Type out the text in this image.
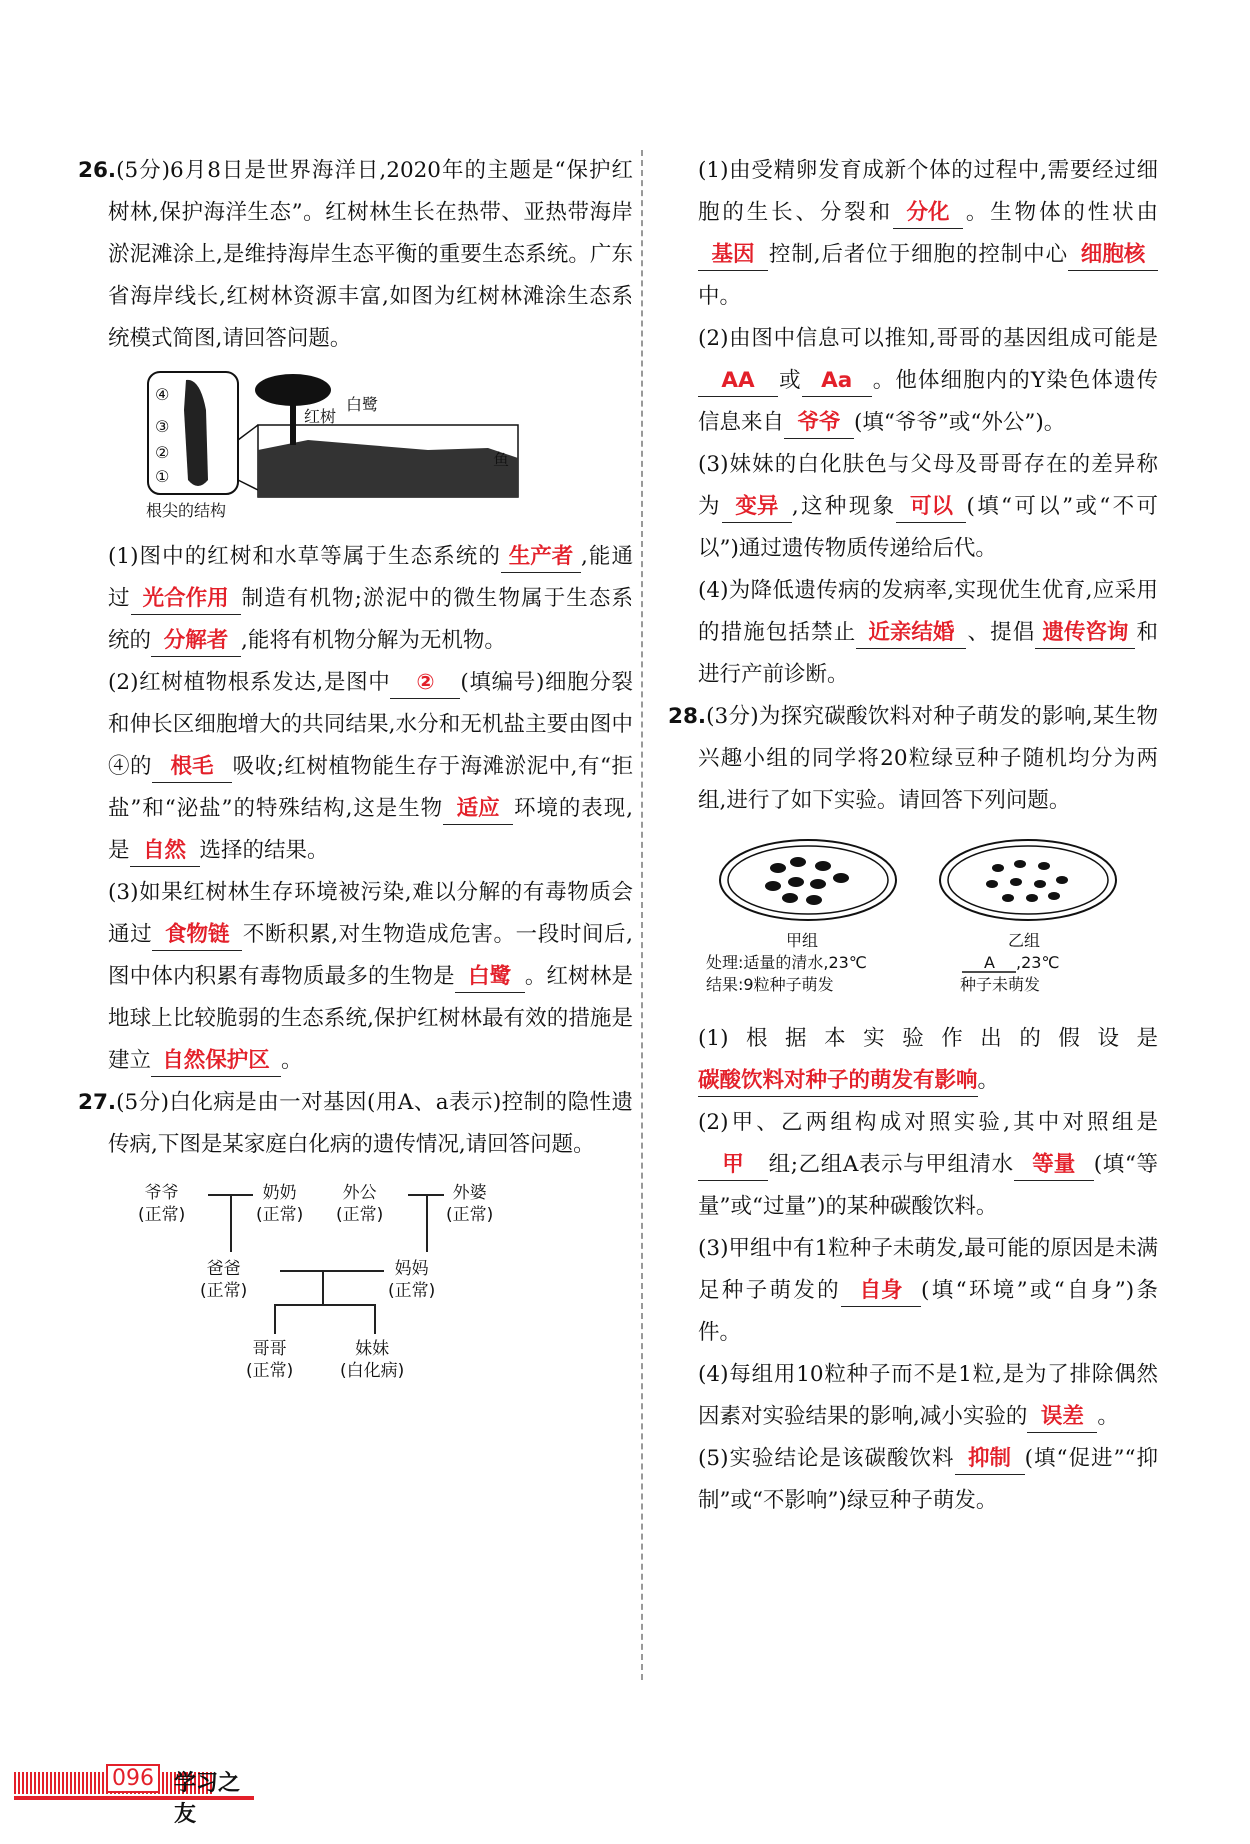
26.(5分)6月8日是世界海洋日,2020年的主题是“保护红树林,保护海洋生态”。红树林生长在热带、亚热带海岸淤泥滩涂上,是维持海岸生态平衡的重要生态系统。广东省海岸线长,红树林资源丰富,如图为红树林滩涂生态系统模式简图,请回答问题。

④
③
②
①
红树
白鹭
鱼
根尖的结构

(1)图中的红树和水草等属于生态系统的 生产者 ,能通过 光合作用 制造有机物;淤泥中的微生物属于生态系统的 分解者 ,能将有机物分解为无机物。

(2)红树植物根系发达,是图中 ② (填编号)细胞分裂和伸长区细胞增大的共同结果,水分和无机盐主要由图中④的 根毛 吸收;红树植物能生存于海滩淤泥中,有“拒盐”和“泌盐”的特殊结构,这是生物 适应 环境的表现,是 自然 选择的结果。

(3)如果红树林生存环境被污染,难以分解的有毒物质会通过 食物链 不断积累,对生物造成危害。一段时间后,图中体内积累有毒物质最多的生物是 白鹭 。红树林是地球上比较脆弱的生态系统,保护红树林最有效的措施是建立 自然保护区 。

27.(5分)白化病是由一对基因(用A、a表示)控制的隐性遗传病,下图是某家庭白化病的遗传情况,请回答问题。

爷爷
(正常)
奶奶
(正常)
外公
(正常)
外婆
(正常)
爸爸
(正常)
妈妈
(正常)
哥哥
(正常)
妹妹
(白化病)

(1)由受精卵发育成新个体的过程中,需要经过细胞的生长、分裂和 分化 。生物体的性状由基因 控制,后者位于细胞的控制中心 细胞核中。

(2)由图中信息可以推知,哥哥的基因组成可能是AA 或 Aa 。他体细胞内的Y染色体遗传信息来自 爷爷 (填“爷爷”或“外公”)。

(3)妹妹的白化肤色与父母及哥哥存在的差异称为 变异 ,这种现象 可以 (填“可以”或“不可以”)通过遗传物质传递给后代。

(4)为降低遗传病的发病率,实现优生优育,应采用的措施包括禁止 近亲结婚 、提倡 遗传咨询 和进行产前诊断。

28.(3分)为探究碳酸饮料对种子萌发的影响,某生物兴趣小组的同学将20粒绿豆种子随机均分为两组,进行了如下实验。请回答下列问题。

甲组
处理:适量的清水,23℃
结果:9粒种子萌发
乙组
A ,23℃
种子未萌发

(1)根据本实验作出的假设是碳酸饮料对种子的萌发有影响。

(2)甲、乙两组构成对照实验,其中对照组是甲 组;乙组A表示与甲组清水 等量 (填“等量”或“过量”)的某种碳酸饮料。

(3)甲组中有1粒种子未萌发,最可能的原因是未满足种子萌发的 自身 (填“环境”或“自身”)条件。

(4)每组用10粒种子而不是1粒,是为了排除偶然因素对实验结果的影响,减小实验的 误差 。

(5)实验结论是该碳酸饮料 抑制 (填“促进”“抑制”或“不影响”)绿豆种子萌发。

096 学习之友
